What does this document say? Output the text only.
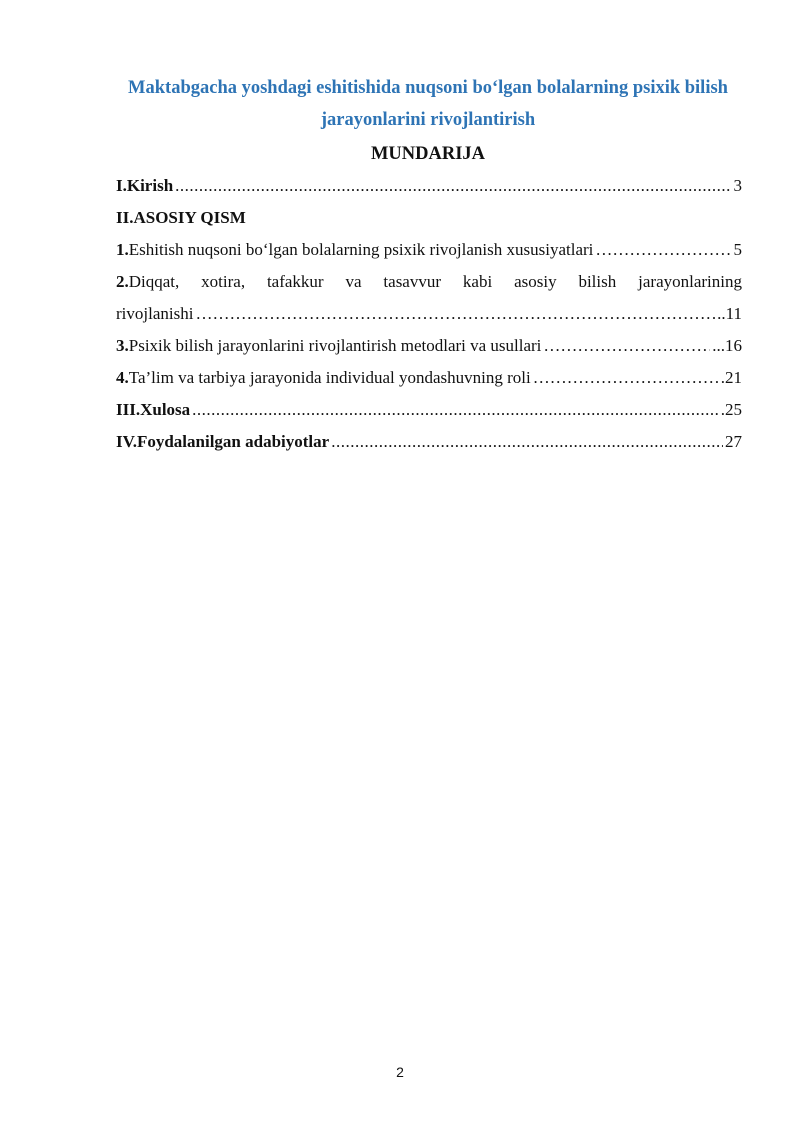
Maktabgacha yoshdagi eshitishida nuqsoni bo‘lgan bolalarning psixik bilish
jarayonlarini rivojlantirish
MUNDARIJA
I.Kirish .....	3
II.ASOSIY QISM
1.Eshitish nuqsoni bo‘lgan bolalarning psixik rivojlanish xususiyatlari ………………………………………………………………………………………………………………………………	5
2.Diqqat, xotira, tafakkur va tasavvur kabi asosiy bilish jarayonlarining
rivojlanishi ………………………………………………………………………………………………………………………………	..11
3.Psixik bilish jarayonlarini rivojlantirish metodlari va usullari ………………………………………………………………………………………………………………………………	...16
4.Ta’lim va tarbiya jarayonida individual yondashuvning roli ………………………………………………………………………………………………………………………………	.21
III.Xulosa .....	.25
IV.Foydalanilgan adabiyotlar .....	27
2
